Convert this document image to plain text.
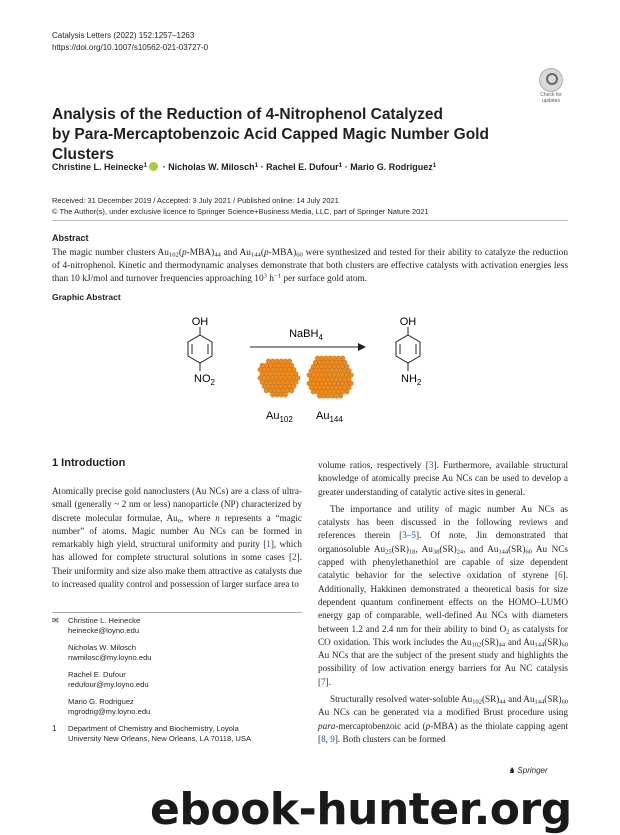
Catalysis Letters (2022) 152:1257–1263
https://doi.org/10.1007/s10562-021-03727-0
Check for
updates
Analysis of the Reduction of 4-Nitrophenol Catalyzed
by Para-Mercaptobenzoic Acid Capped Magic Number Gold Clusters
Christine L. Heinecke$^1$ · Nicholas W. Milosch$^1$ · Rachel E. Dufour$^1$ · Mario G. Rodriguez$^1$
Received: 31 December 2019 / Accepted: 3 July 2021 / Published online: 14 July 2021
© The Author(s), under exclusive licence to Springer Science+Business Media, LLC, part of Springer Nature 2021
Abstract
The magic number clusters $Au_{102}(p-MBA)_{44}$ and $Au_{144}(p-MBA)_{60}$ were synthesized and tested for their ability to catalyze the reduction of 4-nitrophenol. Kinetic and thermodynamic analyses demonstrate that both clusters are effective catalysts with activation energies less than 10 kJ/mol and turnover frequencies approaching $10^3$ $h^{-1}$ per surface gold atom.
Graphic Abstract
OH
$NO_2$
NaBH$_4$
$Au_{102}$ $Au_{144}$
OH
$NH_2$
1 Introduction

Atomically precise gold nanoclusters (Au NCs) are a class of ultra-small (generally ~ 2 nm or less) nanoparticle (NP) characterized by discrete molecular formulae, $Au_n$, where n represents a “magic number” of atoms. Magic number Au NCs can be formed in remarkably high yield, structural uniformity and purity [1], which has allowed for complete structural solutions in some cases [2]. Their uniformity and size also make them attractive as catalysts due to increased quality control and possession of larger surface area to

✉	Christine L. Heinecke
heinecke@loyno.edu
Nicholas W. Milosch
nwmilosc@my.loyno.edu
Rachel E. Dufour
redufour@my.loyno.edu
Mario G. Rodriguez
mgrodrig@my.loyno.edu
1	Department of Chemistry and Biochemistry, Loyola
University New Orleans, New Orleans, LA 70118, USA

volume ratios, respectively [3]. Furthermore, available structural knowledge of atomically precise Au NCs can be used to develop a greater understanding of catalytic active sites in general.

The importance and utility of magic number Au NCs as catalysts has been discussed in the following reviews and references therein [3–5]. Of note, Jin demonstrated that organosoluble $Au_{25}(SR)_{18}$, $Au_{38}(SR)_{24}$, and $Au_{144}(SR)_{60}$ Au NCs capped with phenylethanethiol are capable of size dependent catalytic behavior for the selective oxidation of styrene [6]. Additionally, Hakkinen demonstrated a theoretical basis for size dependent quantum confinement effects on the HOMO–LUMO energy gap of comparable, well-defined Au NCs with diameters between 1.2 and 2.4 nm for their ability to bind $O_2$ as catalysts for CO oxidation. This work includes the $Au_{102}(SR)_{44}$ and $Au_{144}(SR)_{60}$ Au NCs that are the subject of the present study and highlights the possibility of low activation energy barriers for Au NC catalysis [7].

Structurally resolved water-soluble $Au_{102}(SR)_{44}$ and $Au_{144}(SR)_{60}$ Au NCs can be generated via a modified Brust procedure using para-mercaptobenzoic acid (p-MBA) as the thiolate capping agent [8, 9]. Both clusters can be formed

♞ Springer
ebook-hunter.org
